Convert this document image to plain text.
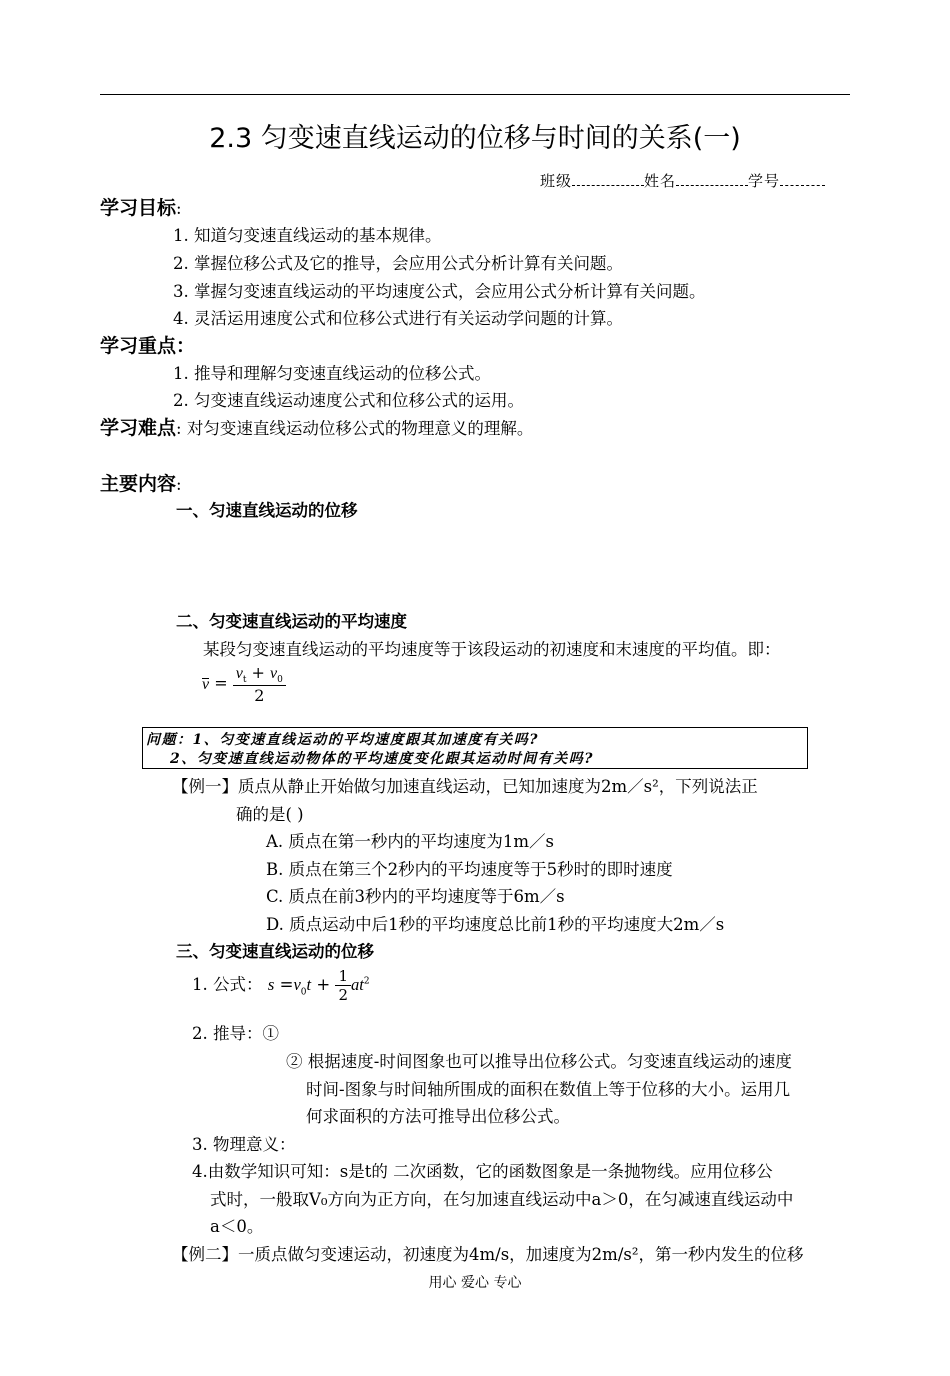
2.3 匀变速直线运动的位移与时间的关系(一)
班级	姓名	学号
学习目标:
1. 知道匀变速直线运动的基本规律。
2. 掌握位移公式及它的推导，会应用公式分析计算有关问题。
3. 掌握匀变速直线运动的平均速度公式，会应用公式分析计算有关问题。
4. 灵活运用速度公式和位移公式进行有关运动学问题的计算。
学习重点：
1. 推导和理解匀变速直线运动的位移公式。
2. 匀变速直线运动速度公式和位移公式的运用。
学习难点: 对匀变速直线运动位移公式的物理意义的理解。
主要内容:
一、匀速直线运动的位移
二、匀变速直线运动的平均速度
某段匀变速直线运动的平均速度等于该段运动的初速度和末速度的平均值。即：
$v = \frac{v_t + v_0}{2}$
问题：1、匀变速直线运动的平均速度跟其加速度有关吗?
2、匀变速直线运动物体的平均速度变化跟其运动时间有关吗?
【例一】质点从静止开始做匀加速直线运动，已知加速度为2m／s²，下列说法正
确的是( )
A. 质点在第一秒内的平均速度为1m／s
B. 质点在第三个2秒内的平均速度等于5秒时的即时速度
C. 质点在前3秒内的平均速度等于6m／s
D. 质点运动中后1秒的平均速度总比前1秒的平均速度大2m／s
三、匀变速直线运动的位移
1. 公式： $s =v_0t + \frac{1}{2} at^2$
2. 推导：①
② 根据速度-时间图象也可以推导出位移公式。匀变速直线运动的速度
时间-图象与时间轴所围成的面积在数值上等于位移的大小。运用几
何求面积的方法可推导出位移公式。
3. 物理意义：
4.由数学知识可知：s是t的 二次函数，它的函数图象是一条抛物线。应用位移公
式时，一般取V₀方向为正方向，在匀加速直线运动中a＞0，在匀减速直线运动中
a＜0。
【例二】一质点做匀变速运动，初速度为4m/s，加速度为2m/s²，第一秒内发生的位移
用心 爱心 专心
